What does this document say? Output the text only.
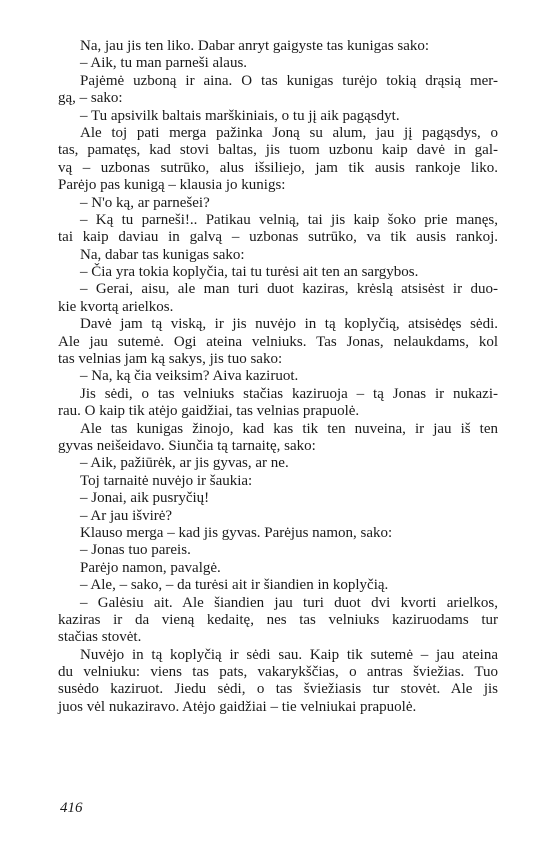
Na, jau jis ten liko. Dabar anryt gaigyste tas kunigas sako:
– Aik, tu man parneši alaus.
Pajėmė uzboną ir aina. O tas kunigas turėjo tokią drąsią mer-
gą, – sako:
– Tu apsivilk baltais marškiniais, o tu jį aik pagąsdyt.
Ale toj pati merga pažinka Joną su alum, jau jį pagąsdys, o
tas, pamatęs, kad stovi baltas, jis tuom uzbonu kaip davė in gal-
vą – uzbonas sutrūko, alus išsiliejo, jam tik ausis rankoje liko.
Parėjo pas kunigą – klausia jo kunigs:
– N'o ką, ar parnešei?
– Ką tu parneši!.. Patikau velnią, tai jis kaip šoko prie manęs,
tai kaip daviau in galvą – uzbonas sutrūko, va tik ausis rankoj.
Na, dabar tas kunigas sako:
– Čia yra tokia koplyčia, tai tu turėsi ait ten an sargybos.
– Gerai, aisu, ale man turi duot kaziras, krėslą atsisėst ir duo-
kie kvortą arielkos.
Davė jam tą viską, ir jis nuvėjo in tą koplyčią, atsisėdęs sėdi.
Ale jau sutemė. Ogi ateina velniuks. Tas Jonas, nelaukdams, kol
tas velnias jam ką sakys, jis tuo sako:
– Na, ką čia veiksim? Aiva kaziruot.
Jis sėdi, o tas velniuks stačias kaziruoja – tą Jonas ir nukazi-
rau. O kaip tik atėjo gaidžiai, tas velnias prapuolė.
Ale tas kunigas žinojo, kad kas tik ten nuveina, ir jau iš ten
gyvas neišeidavo. Siunčia tą tarnaitę, sako:
– Aik, pažiūrėk, ar jis gyvas, ar ne.
Toj tarnaitė nuvėjo ir šaukia:
– Jonai, aik pusryčių!
– Ar jau išvirė?
Klauso merga – kad jis gyvas. Parėjus namon, sako:
– Jonas tuo pareis.
Parėjo namon, pavalgė.
– Ale, – sako, – da turėsi ait ir šiandien in koplyčią.
– Galėsiu ait. Ale šiandien jau turi duot dvi kvorti arielkos,
kaziras ir da vieną kedaitę, nes tas velniuks kaziruodams tur
stačias stovėt.
Nuvėjo in tą koplyčią ir sėdi sau. Kaip tik sutemė – jau ateina
du velniuku: viens tas pats, vakarykščias, o antras šviežias. Tuo
susėdo kaziruot. Jiedu sėdi, o tas šviežiasis tur stovėt. Ale jis
juos vėl nukaziravo. Atėjo gaidžiai – tie velniukai prapuolė.
416
